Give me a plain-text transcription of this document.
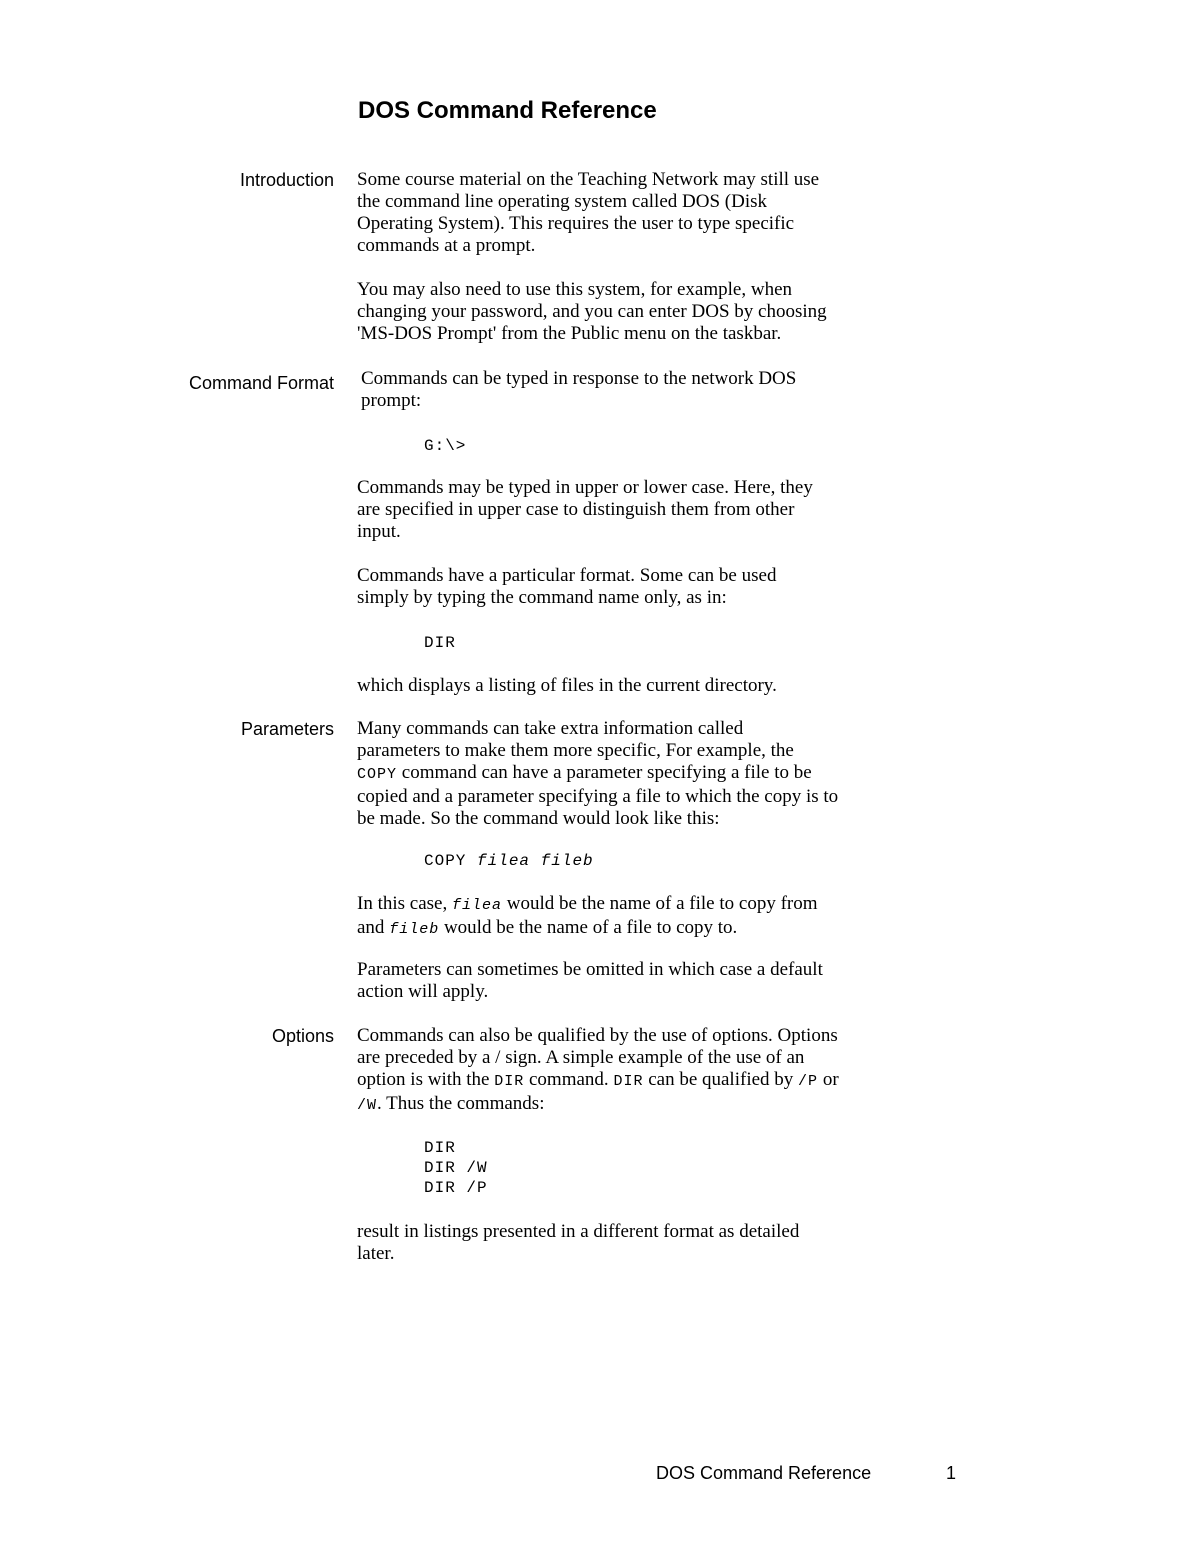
DOS Command Reference
Introduction Some course material on the Teaching Network may still use
the command line operating system called DOS (Disk
Operating System). This requires the user to type specific
commands at a prompt.
You may also need to use this system, for example, when
changing your password, and you can enter DOS by choosing
'MS-DOS Prompt' from the Public menu on the taskbar.
Command Format Commands can be typed in response to the network DOS
prompt:
G:\>
Commands may be typed in upper or lower case. Here, they
are specified in upper case to distinguish them from other
input.
Commands have a particular format. Some can be used
simply by typing the command name only, as in:
DIR
which displays a listing of files in the current directory.
Parameters Many commands can take extra information called
parameters to make them more specific, For example, the
COPY command can have a parameter specifying a file to be
copied and a parameter specifying a file to which the copy is to
be made. So the command would look like this:
COPY filea fileb
In this case, filea would be the name of a file to copy from
and fileb would be the name of a file to copy to.
Parameters can sometimes be omitted in which case a default
action will apply.
Options Commands can also be qualified by the use of options. Options
are preceded by a / sign. A simple example of the use of an
option is with the DIR command. DIR can be qualified by /P or
/W. Thus the commands:
DIR
DIR /W
DIR /P
result in listings presented in a different format as detailed
later.
DOS Command Reference	1
